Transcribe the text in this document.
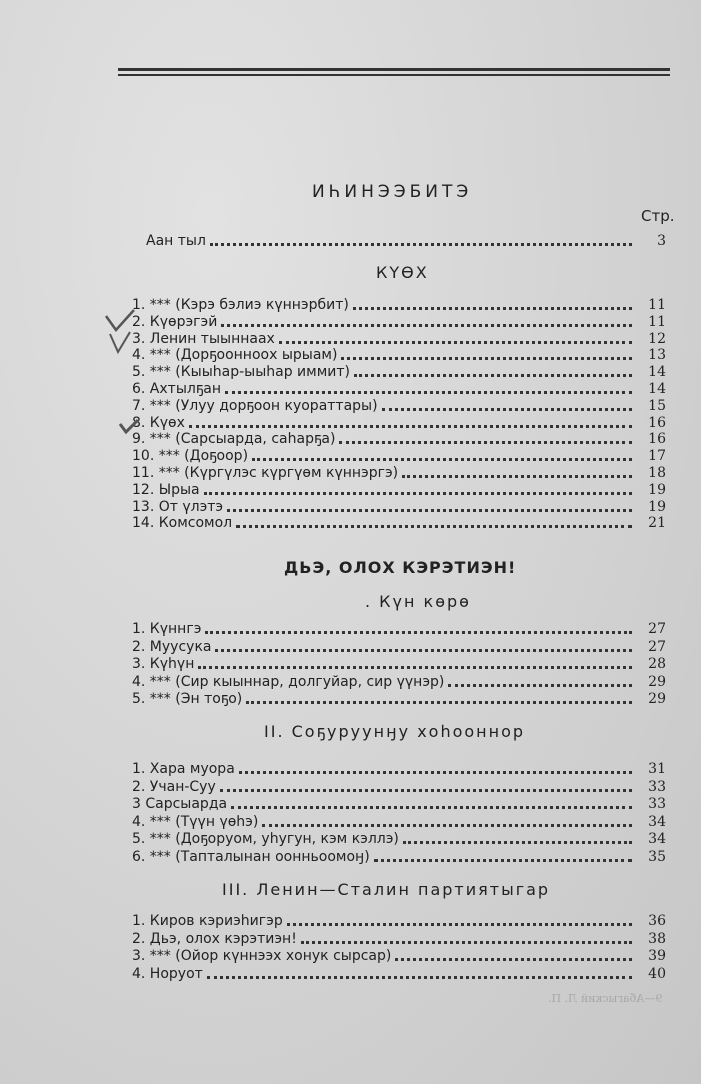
ИҺИНЭЭБИТЭ
Стр.
Аан тыл	3
КҮӨХ
1. *** (Кэрэ бэлиэ күннэрбит)	11
2. Күөрэгэй	11
3. Ленин тыыннаах	12
4. *** (Дорҕоонноох ырыам)	13
5. *** (Кыыһар-ыыһар иммит)	14
6. Ахтылҕан	14
7. *** (Улуу дорҕоон куораттары)	15
8. Күөх	16
9. *** (Сарсыарда, саһарҕа)	16
10. *** (Доҕоор)	17
11. *** (Күргүлэс күргүөм күннэргэ)	18
12. Ырыа	19
13. От үлэтэ	19
14. Комсомол	21
ДЬЭ, ОЛОХ КЭРЭТИЭН!
. Күн көрө
1. Күннгэ	27
2. Муусука	27
3. Күһүн	28
4. *** (Сир кыыннар, долгуйар, сир үүнэр)	29
5. *** (Эн тоҕо)	29
II. Соҕуруунӈу хоһооннор
1. Хара муора	31
2. Учан-Суу	33
3 Сарсыарда	33
4. *** (Түүн үөһэ)	34
5. *** (Доҕоруом, уһугун, кэм кэллэ)	34
6. *** (Тапталынан оонньоомоӈ)	35
III. Ленин—Сталин партиятыгар
1. Киров кэриэһигэр	36
2. Дьэ, олох кэрэтиэн!	38
3. *** (Ойор күннээх хонук сырсар)	39
4. Норуот	40
9—Абагыский Л. П.
